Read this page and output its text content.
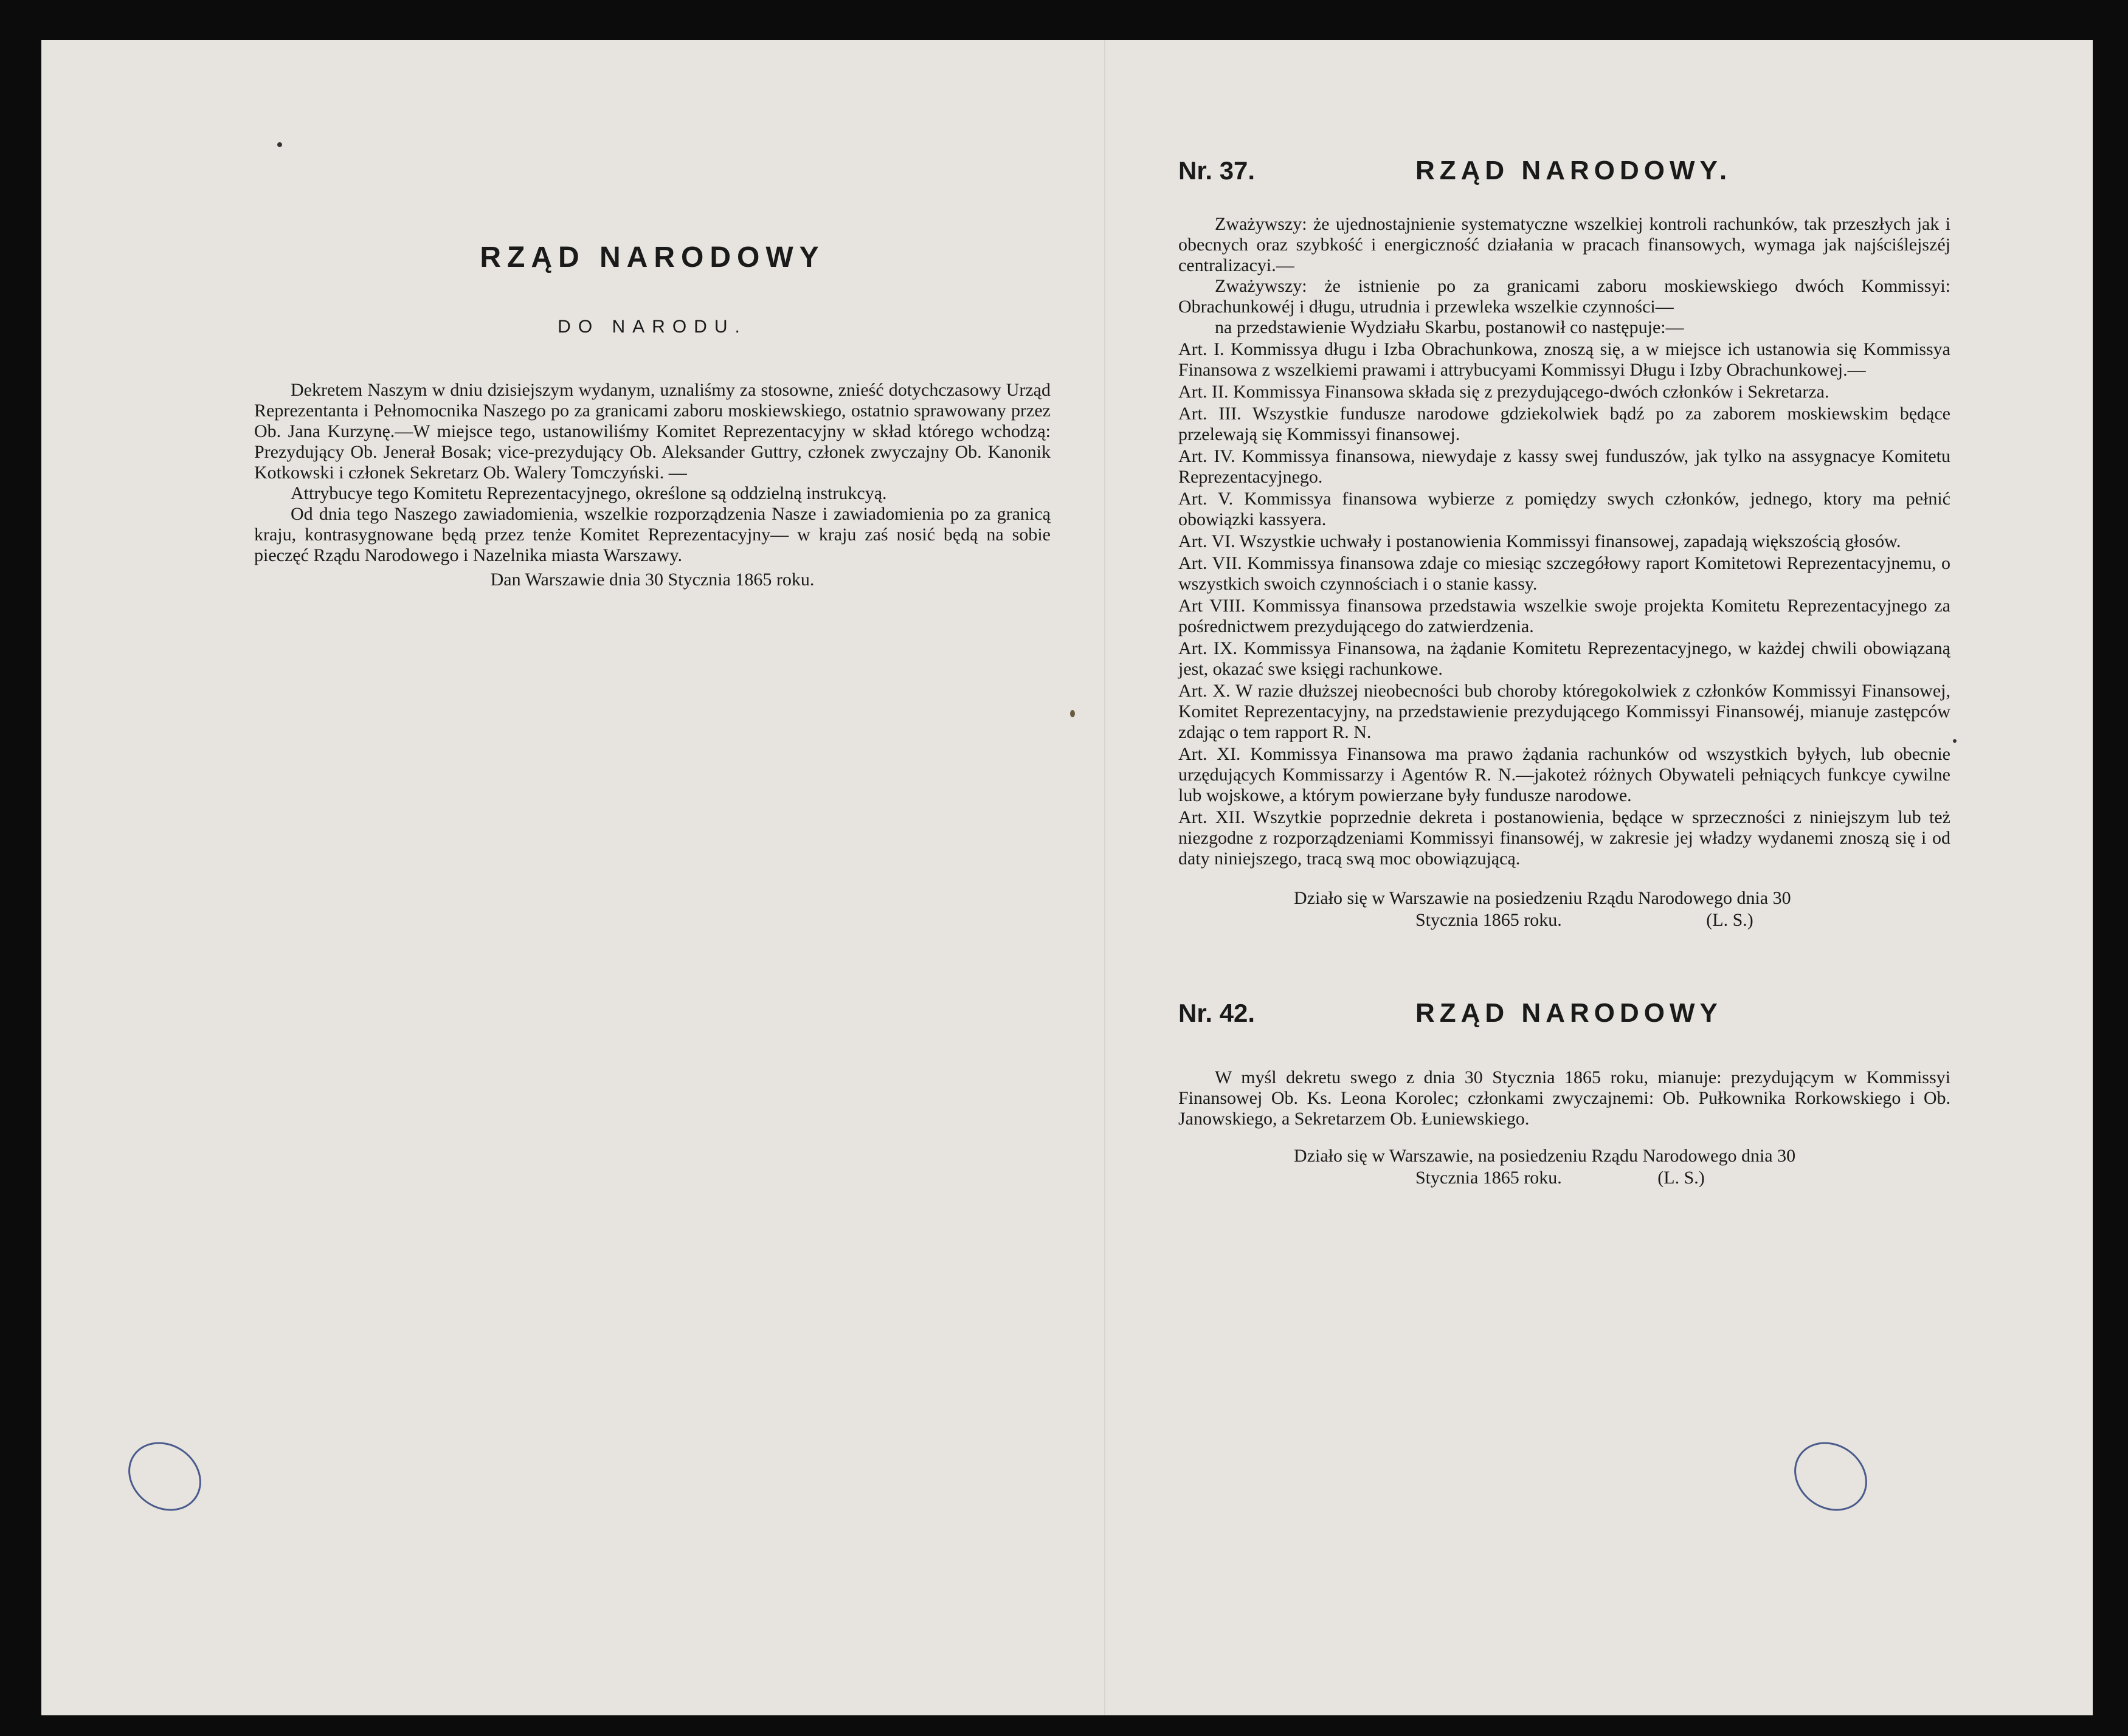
RZĄD NARODOWY
DO NARODU.
Dekretem Naszym w dniu dzisiejszym wydanym, uznaliśmy za stosowne, znieść dotychczasowy Urząd Reprezentanta i Pełnomocnika Naszego po za granicami zaboru moskiewskiego, ostatnio sprawowany przez Ob. Jana Kurzynę.—W miejsce tego, ustanowiliśmy Komitet Reprezentacyjny w skład którego wchodzą: Prezydujący Ob. Jenerał Bosak; vice-prezydujący Ob. Aleksander Guttry, członek zwyczajny Ob. Kanonik Kotkowski i członek Sekretarz Ob. Walery Tomczyński. —
Attrybucye tego Komitetu Reprezentacyjnego, określone są oddzielną instrukcyą.
Od dnia tego Naszego zawiadomienia, wszelkie rozporządzenia Nasze i zawiadomienia po za granicą kraju, kontrasygnowane będą przez tenże Komitet Reprezentacyjny— w kraju zaś nosić będą na sobie pieczęć Rządu Narodowego i Nazelnika miasta Warszawy.
Dan Warszawie dnia 30 Stycznia 1865 roku.
Nr. 37.	RZĄD NARODOWY.
Zważywszy: że ujednostajnienie systematyczne wszelkiej kontroli rachunków, tak przeszłych jak i obecnych oraz szybkość i energiczność działania w pracach finansowych, wymaga jak najściślejszéj centralizacyi.—
Zważywszy: że istnienie po za granicami zaboru moskiewskiego dwóch Kommissyi: Obrachunkowéj i długu, utrudnia i przewleka wszelkie czynności—
na przedstawienie Wydziału Skarbu, postanowił co następuje:—
Art. I. Kommissya długu i Izba Obrachunkowa, znoszą się, a w miejsce ich ustanowia się Kommissya Finansowa z wszelkiemi prawami i attrybucyami Kommissyi Długu i Izby Obrachunkowej.—
Art. II. Kommissya Finansowa składa się z prezydującego-dwóch członków i Sekretarza.
Art. III. Wszystkie fundusze narodowe gdziekolwiek bądź po za zaborem moskiewskim będące przelewają się Kommissyi finansowej.
Art. IV. Kommissya finansowa, niewydaje z kassy swej funduszów, jak tylko na assygnacye Komitetu Reprezentacyjnego.
Art. V. Kommissya finansowa wybierze z pomiędzy swych członków, jednego, ktory ma pełnić obowiązki kassyera.
Art. VI. Wszystkie uchwały i postanowienia Kommissyi finansowej, zapadają większością głosów.
Art. VII. Kommissya finansowa zdaje co miesiąc szczegółowy raport Komitetowi Reprezentacyjnemu, o wszystkich swoich czynnościach i o stanie kassy.
Art VIII. Kommissya finansowa przedstawia wszelkie swoje projekta Komitetu Reprezentacyjnego za pośrednictwem prezydującego do zatwierdzenia.
Art. IX. Kommissya Finansowa, na żądanie Komitetu Reprezentacyjnego, w każdej chwili obowiązaną jest, okazać swe księgi rachunkowe.
Art. X. W razie dłuższej nieobecności bub choroby któregokolwiek z członków Kommissyi Finansowej, Komitet Reprezentacyjny, na przedstawienie prezydującego Kommissyi Finansowéj, mianuje zastępców zdając o tem rapport R. N.
Art. XI. Kommissya Finansowa ma prawo żądania rachunków od wszystkich byłych, lub obecnie urzędujących Kommissarzy i Agentów R. N.—jakoteż różnych Obywateli pełniących funkcye cywilne lub wojskowe, a którym powierzane były fundusze narodowe.
Art. XII. Wszytkie poprzednie dekreta i postanowienia, będące w sprzeczności z niniejszym lub też niezgodne z rozporządzeniami Kommissyi finansowéj, w zakresie jej władzy wydanemi znoszą się i od daty niniejszego, tracą swą moc obowiązującą.
Działo się w Warszawie na posiedzeniu Rządu Narodowego dnia 30
Stycznia 1865 roku.	(L. S.)
Nr. 42.	RZĄD NARODOWY
W myśl dekretu swego z dnia 30 Stycznia 1865 roku, mianuje: prezydującym w Kommissyi Finansowej Ob. Ks. Leona Korolec; członkami zwyczajnemi: Ob. Pułkownika Rorkowskiego i Ob. Janowskiego, a Sekretarzem Ob. Łuniewskiego.
Działo się w Warszawie, na posiedzeniu Rządu Narodowego dnia 30
Stycznia 1865 roku.	(L. S.)
